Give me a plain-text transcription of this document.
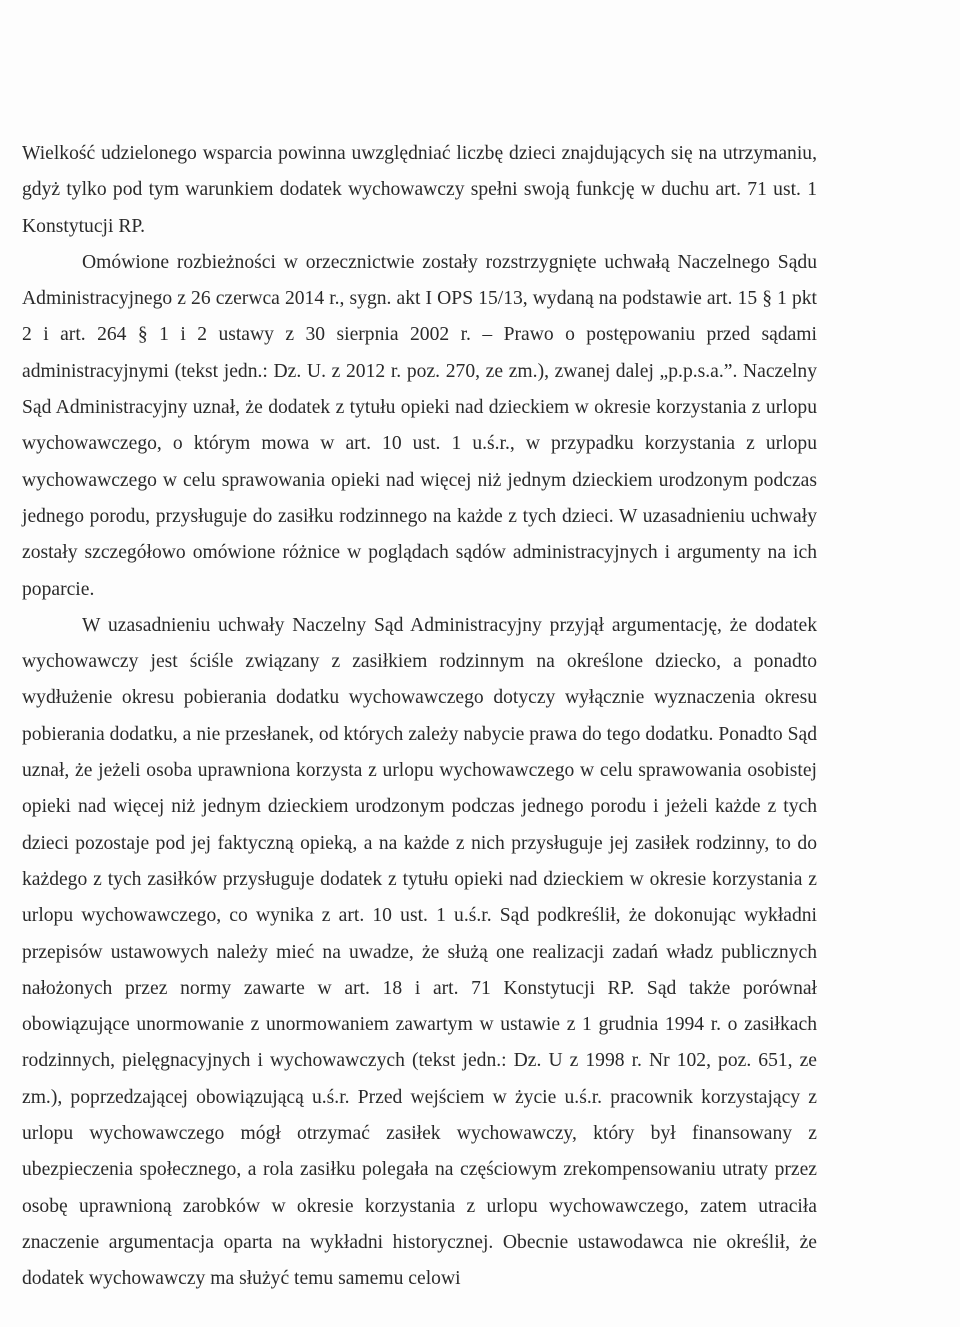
Wielkość udzielonego wsparcia powinna uwzględniać liczbę dzieci znajdujących się na utrzymaniu, gdyż tylko pod tym warunkiem dodatek wychowawczy spełni swoją funkcję w duchu art. 71 ust. 1 Konstytucji RP.

Omówione rozbieżności w orzecznictwie zostały rozstrzygnięte uchwałą Naczelnego Sądu Administracyjnego z 26 czerwca 2014 r., sygn. akt I OPS 15/13, wydaną na podstawie art. 15 § 1 pkt 2 i art. 264 § 1 i 2 ustawy z 30 sierpnia 2002 r. – Prawo o postępowaniu przed sądami administracyjnymi (tekst jedn.: Dz. U. z 2012 r. poz. 270, ze zm.), zwanej dalej „p.p.s.a.”. Naczelny Sąd Administracyjny uznał, że dodatek z tytułu opieki nad dzieckiem w okresie korzystania z urlopu wychowawczego, o którym mowa w art. 10 ust. 1 u.ś.r., w przypadku korzystania z urlopu wychowawczego w celu sprawowania opieki nad więcej niż jednym dzieckiem urodzonym podczas jednego porodu, przysługuje do zasiłku rodzinnego na każde z tych dzieci. W uzasadnieniu uchwały zostały szczegółowo omówione różnice w poglądach sądów administracyjnych i argumenty na ich poparcie.

W uzasadnieniu uchwały Naczelny Sąd Administracyjny przyjął argumentację, że dodatek wychowawczy jest ściśle związany z zasiłkiem rodzinnym na określone dziecko, a ponadto wydłużenie okresu pobierania dodatku wychowawczego dotyczy wyłącznie wyznaczenia okresu pobierania dodatku, a nie przesłanek, od których zależy nabycie prawa do tego dodatku. Ponadto Sąd uznał, że jeżeli osoba uprawniona korzysta z urlopu wychowawczego w celu sprawowania osobistej opieki nad więcej niż jednym dzieckiem urodzonym podczas jednego porodu i jeżeli każde z tych dzieci pozostaje pod jej faktyczną opieką, a na każde z nich przysługuje jej zasiłek rodzinny, to do każdego z tych zasiłków przysługuje dodatek z tytułu opieki nad dzieckiem w okresie korzystania z urlopu wychowawczego, co wynika z art. 10 ust. 1 u.ś.r. Sąd podkreślił, że dokonując wykładni przepisów ustawowych należy mieć na uwadze, że służą one realizacji zadań władz publicznych nałożonych przez normy zawarte w art. 18 i art. 71 Konstytucji RP. Sąd także porównał obowiązujące unormowanie z unormowaniem zawartym w ustawie z 1 grudnia 1994 r. o zasiłkach rodzinnych, pielęgnacyjnych i wychowawczych (tekst jedn.: Dz. U z 1998 r. Nr 102, poz. 651, ze zm.), poprzedzającej obowiązującą u.ś.r. Przed wejściem w życie u.ś.r. pracownik korzystający z urlopu wychowawczego mógł otrzymać zasiłek wychowawczy, który był finansowany z ubezpieczenia społecznego, a rola zasiłku polegała na częściowym zrekompensowaniu utraty przez osobę uprawnioną zarobków w okresie korzystania z urlopu wychowawczego, zatem utraciła znaczenie argumentacja oparta na wykładni historycznej. Obecnie ustawodawca nie określił, że dodatek wychowawczy ma służyć temu samemu celowi
